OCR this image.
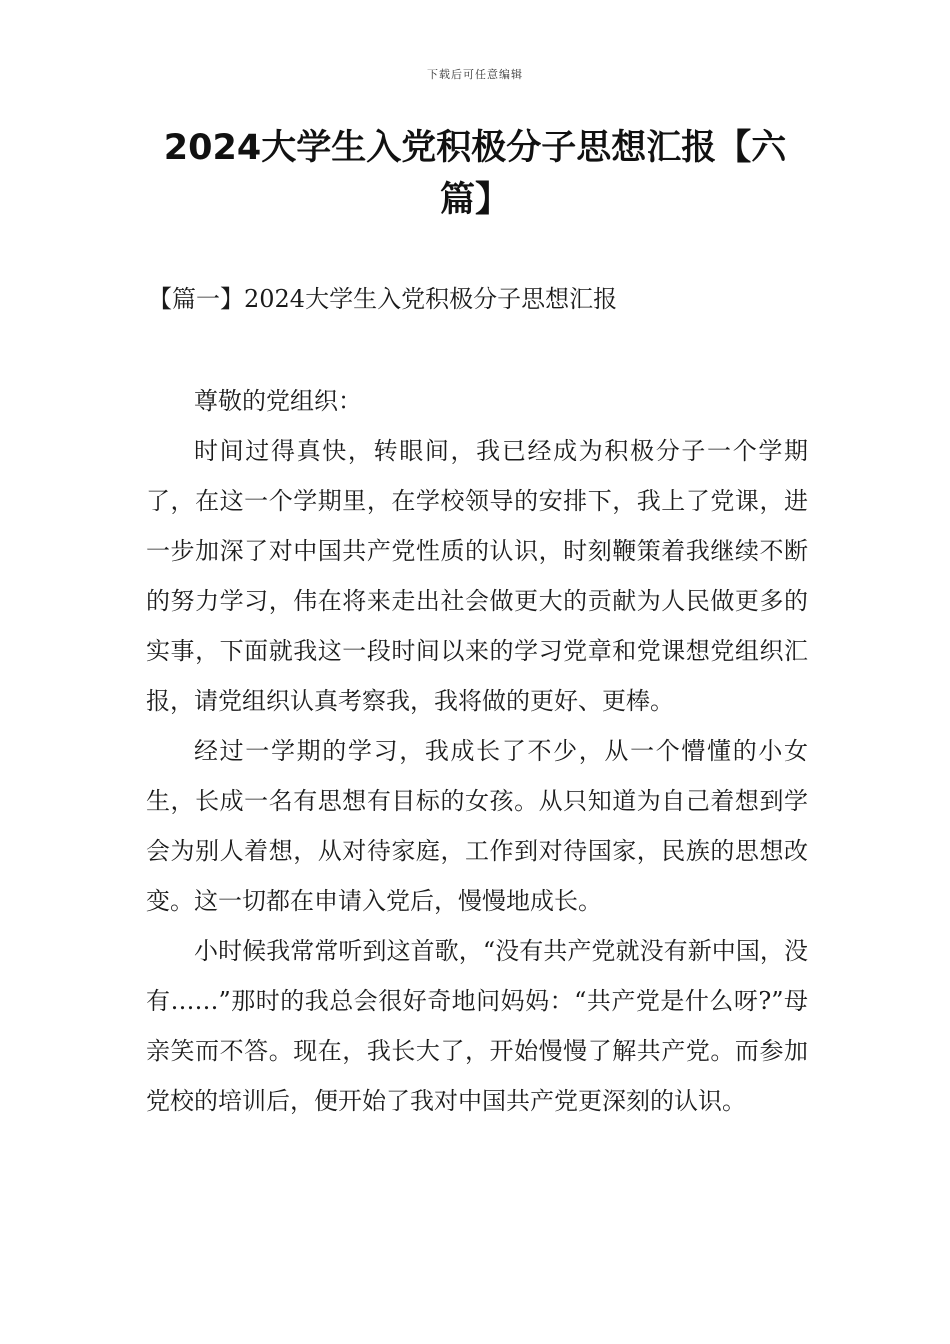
下载后可任意编辑
2024大学生入党积极分子思想汇报【六篇】
【篇一】2024大学生入党积极分子思想汇报

尊敬的党组织：

时间过得真快，转眼间，我已经成为积极分子一个学期了，在这一个学期里，在学校领导的安排下，我上了党课，进一步加深了对中国共产党性质的认识，时刻鞭策着我继续不断的努力学习，伟在将来走出社会做更大的贡献为人民做更多的实事，下面就我这一段时间以来的学习党章和党课想党组织汇报，请党组织认真考察我，我将做的更好、更棒。

经过一学期的学习，我成长了不少，从一个懵懂的小女生，长成一名有思想有目标的女孩。从只知道为自己着想到学会为别人着想，从对待家庭，工作到对待国家，民族的思想改变。这一切都在申请入党后，慢慢地成长。

小时候我常常听到这首歌，“没有共产党就没有新中国，没有……”那时的我总会很好奇地问妈妈：“共产党是什么呀?”母亲笑而不答。现在，我长大了，开始慢慢了解共产党。而参加党校的培训后，便开始了我对中国共产党更深刻的认识。
